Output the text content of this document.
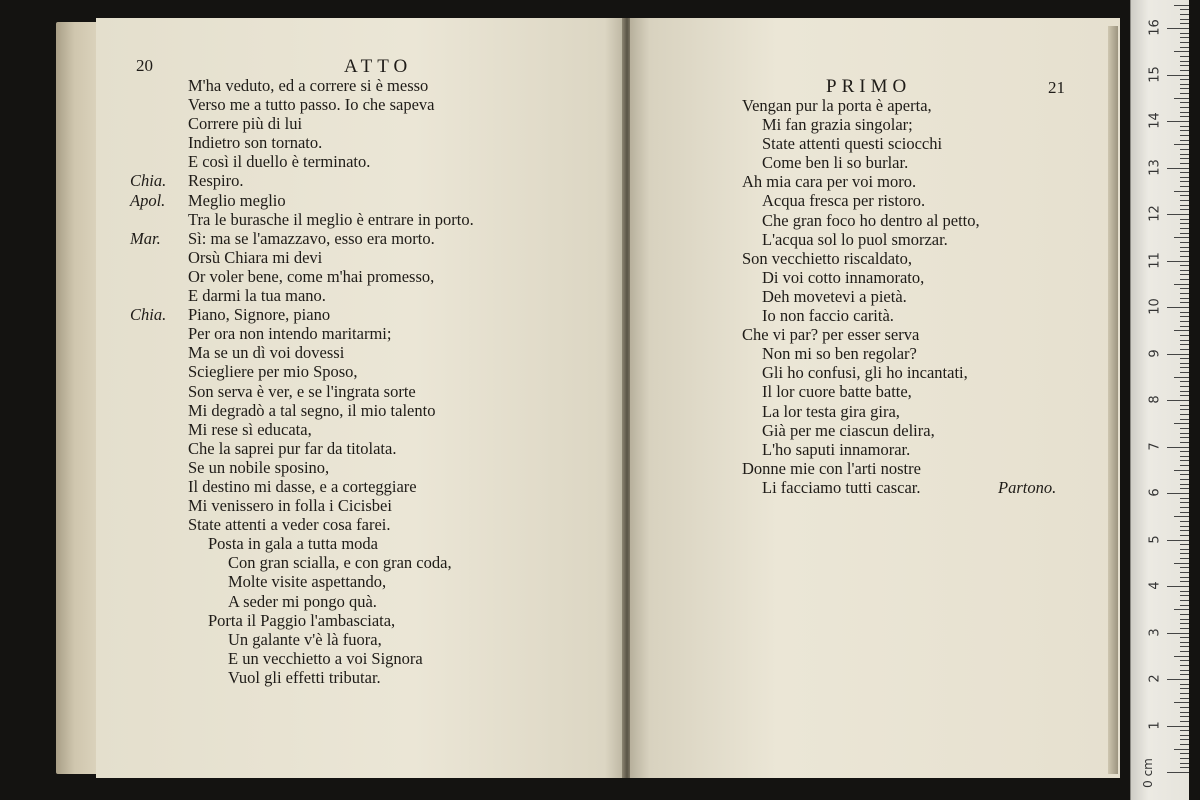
20	ATTO
M'ha veduto, ed a correre si è messo
Verso me a tutto passo. Io che sapeva
Correre più di lui
Indietro son tornato.
E così il duello è terminato.
Chia. Respiro.
Apol. Meglio meglio
Tra le burasche il meglio è entrare in porto.
Mar. Sì: ma se l'amazzavo, esso era morto.
Orsù Chiara mi devi
Or voler bene, come m'hai promesso,
E darmi la tua mano.
Chia. Piano, Signore, piano
Per ora non intendo maritarmi;
Ma se un dì voi dovessi
Sciegliere per mio Sposo,
Son serva è ver, e se l'ingrata sorte
Mi degradò a tal segno, il mio talento
Mi rese sì educata,
Che la saprei pur far da titolata.
Se un nobile sposino,
Il destino mi dasse, e a corteggiare
Mi venissero in folla i Cicisbei
State attenti a veder cosa farei.
Posta in gala a tutta moda
Con gran scialla, e con gran coda,
Molte visite aspettando,
A seder mi pongo quà.
Porta il Paggio l'ambasciata,
Un galante v'è là fuora,
E un vecchietto a voi Signora
Vuol gli effetti tributar.
PRIMO	21
Vengan pur la porta è aperta,
Mi fan grazia singolar;
State attenti questi sciocchi
Come ben li so burlar.
Ah mia cara per voi moro.
Acqua fresca per ristoro.
Che gran foco ho dentro al petto,
L'acqua sol lo puol smorzar.
Son vecchietto riscaldato,
Di voi cotto innamorato,
Deh movetevi a pietà.
Io non faccio carità.
Che vi par? per esser serva
Non mi so ben regolar?
Gli ho confusi, gli ho incantati,
Il lor cuore batte batte,
La lor testa gira gira,
Già per me ciascun delira,
L'ho saputi innamorar.
Donne mie con l'arti nostre
Li facciamo tutti cascar.	Partono.
0 cm
1
2
3
4
5
6
7
8
9
10
11
12
13
14
15
16
